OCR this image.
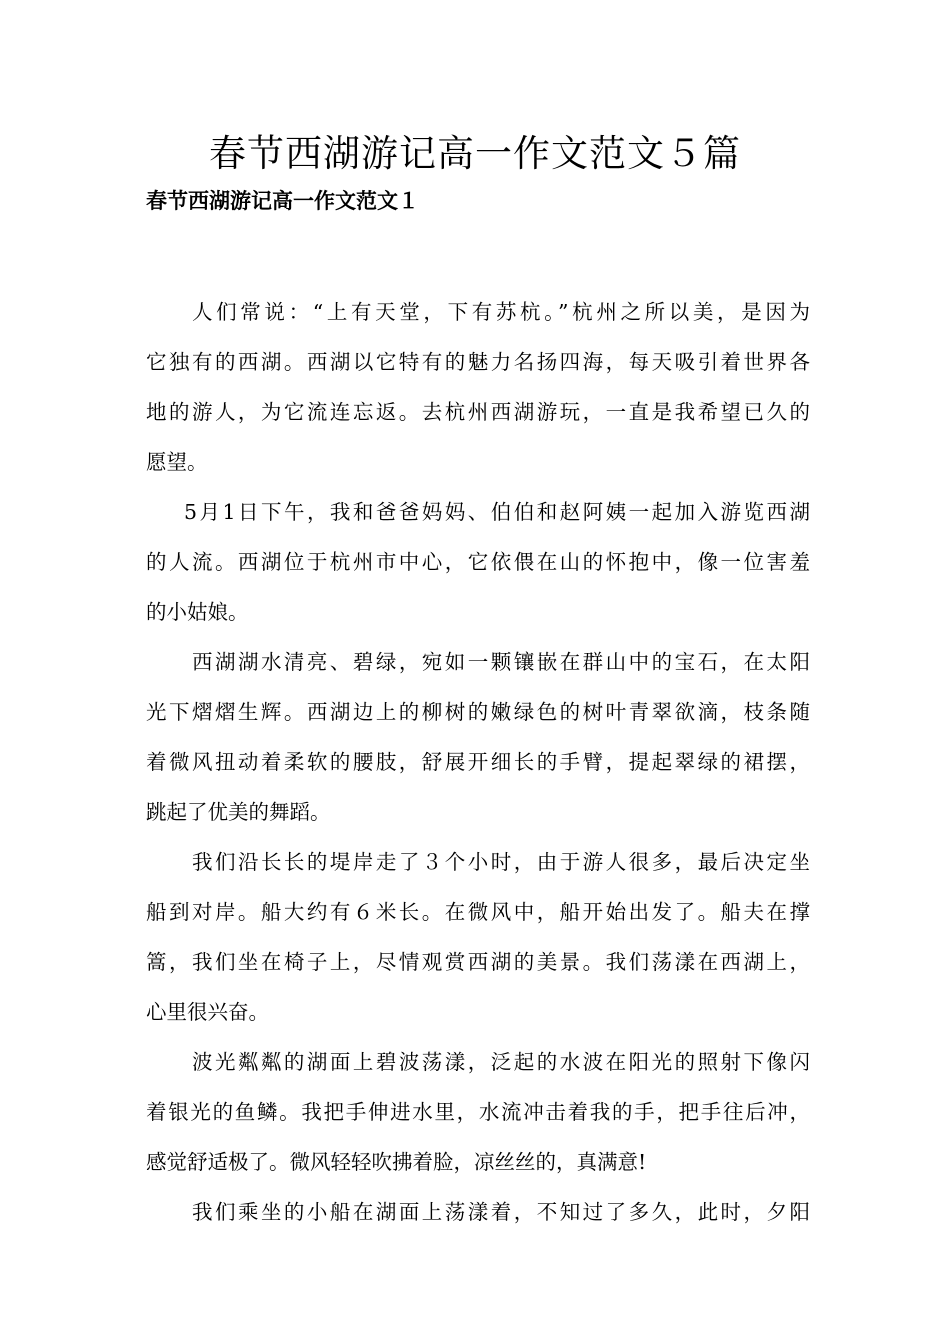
春节西湖游记高一作文范文５篇
春节西湖游记高一作文范文１

人们常说：“上有天堂，下有苏杭。”杭州之所以美，是因为
它独有的西湖。西湖以它特有的魅力名扬四海，每天吸引着世界各
地的游人，为它流连忘返。去杭州西湖游玩，一直是我希望已久的
愿望。

5月1日下午，我和爸爸妈妈、伯伯和赵阿姨一起加入游览西湖
的人流。西湖位于杭州市中心，它依偎在山的怀抱中，像一位害羞
的小姑娘。

西湖湖水清亮、碧绿，宛如一颗镶嵌在群山中的宝石，在太阳
光下熠熠生辉。西湖边上的柳树的嫩绿色的树叶青翠欲滴，枝条随
着微风扭动着柔软的腰肢，舒展开细长的手臂，提起翠绿的裙摆，
跳起了优美的舞蹈。

我们沿长长的堤岸走了３个小时，由于游人很多，最后决定坐
船到对岸。船大约有６米长。在微风中，船开始出发了。船夫在撑
篙，我们坐在椅子上，尽情观赏西湖的美景。我们荡漾在西湖上，
心里很兴奋。

波光粼粼的湖面上碧波荡漾，泛起的水波在阳光的照射下像闪
着银光的鱼鳞。我把手伸进水里，水流冲击着我的手，把手往后冲，
感觉舒适极了。微风轻轻吹拂着脸，凉丝丝的，真满意!

我们乘坐的小船在湖面上荡漾着，不知过了多久，此时，夕阳
